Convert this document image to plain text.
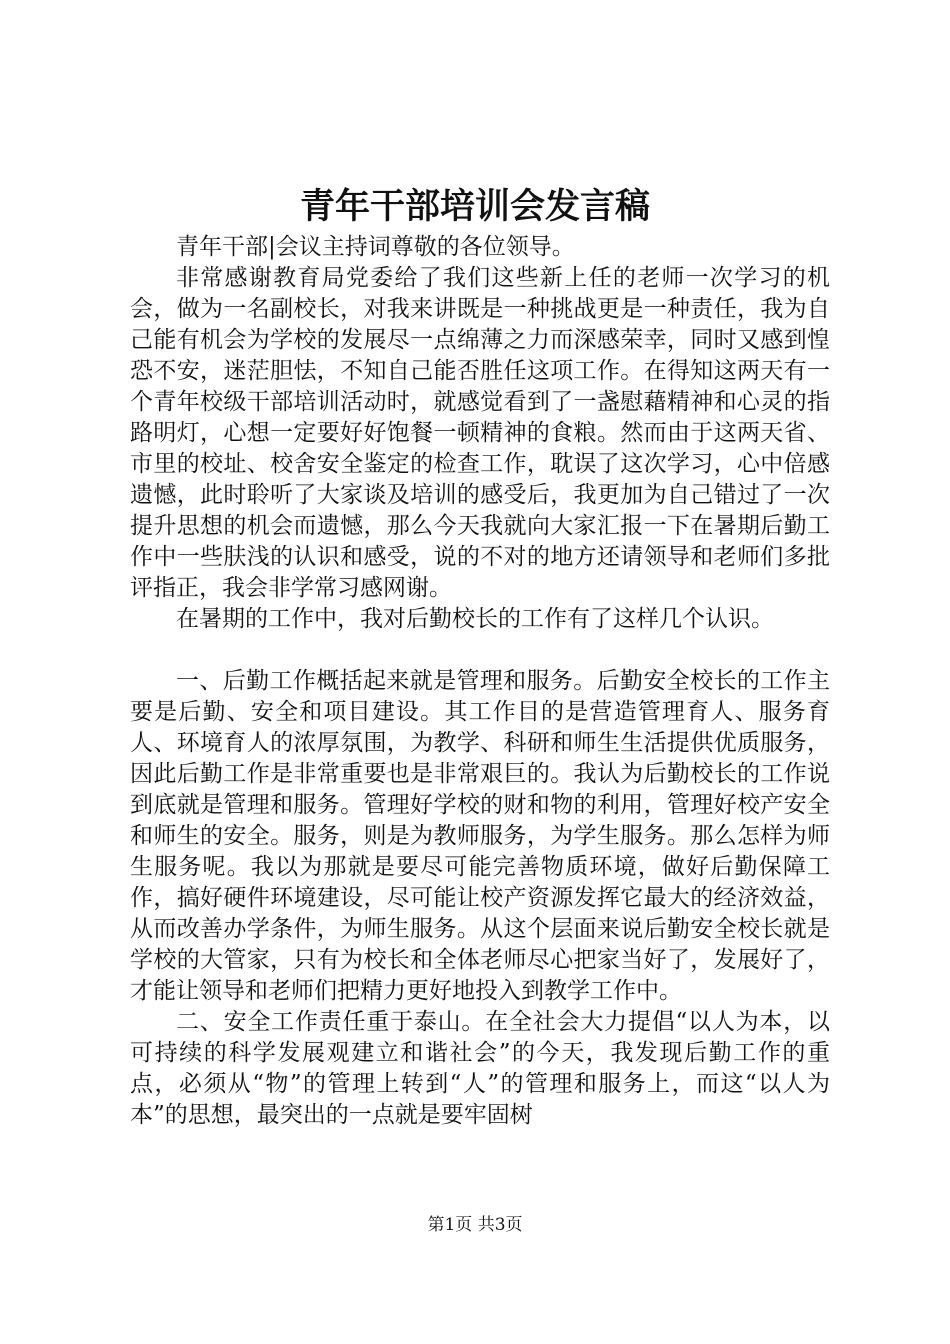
青年干部培训会发言稿

青年干部|会议主持词尊敬的各位领导。

非常感谢教育局党委给了我们这些新上任的老师一次学习的机会，做为一名副校长，对我来讲既是一种挑战更是一种责任，我为自己能有机会为学校的发展尽一点绵薄之力而深感荣幸，同时又感到惶恐不安，迷茫胆怯，不知自己能否胜任这项工作。在得知这两天有一个青年校级干部培训活动时，就感觉看到了一盏慰藉精神和心灵的指路明灯，心想一定要好好饱餐一顿精神的食粮。然而由于这两天省、市里的校址、校舍安全鉴定的检查工作，耽误了这次学习，心中倍感遗憾，此时聆听了大家谈及培训的感受后，我更加为自己错过了一次提升思想的机会而遗憾，那么今天我就向大家汇报一下在暑期后勤工作中一些肤浅的认识和感受，说的不对的地方还请领导和老师们多批评指正，我会非学常习感网谢。

在暑期的工作中，我对后勤校长的工作有了这样几个认识。

一、后勤工作概括起来就是管理和服务。后勤安全校长的工作主要是后勤、安全和项目建设。其工作目的是营造管理育人、服务育人、环境育人的浓厚氛围，为教学、科研和师生生活提供优质服务，因此后勤工作是非常重要也是非常艰巨的。我认为后勤校长的工作说到底就是管理和服务。管理好学校的财和物的利用，管理好校产安全和师生的安全。服务，则是为教师服务，为学生服务。那么怎样为师生服务呢。我以为那就是要尽可能完善物质环境，做好后勤保障工作，搞好硬件环境建设，尽可能让校产资源发挥它最大的经济效益，从而改善办学条件，为师生服务。从这个层面来说后勤安全校长就是学校的大管家，只有为校长和全体老师尽心把家当好了，发展好了，才能让领导和老师们把精力更好地投入到教学工作中。

二、安全工作责任重于泰山。在全社会大力提倡“以人为本，以可持续的科学发展观建立和谐社会”的今天，我发现后勤工作的重点，必须从“物”的管理上转到“人”的管理和服务上，而这“以人为本”的思想，最突出的一点就是要牢固树

第1页 共3页
